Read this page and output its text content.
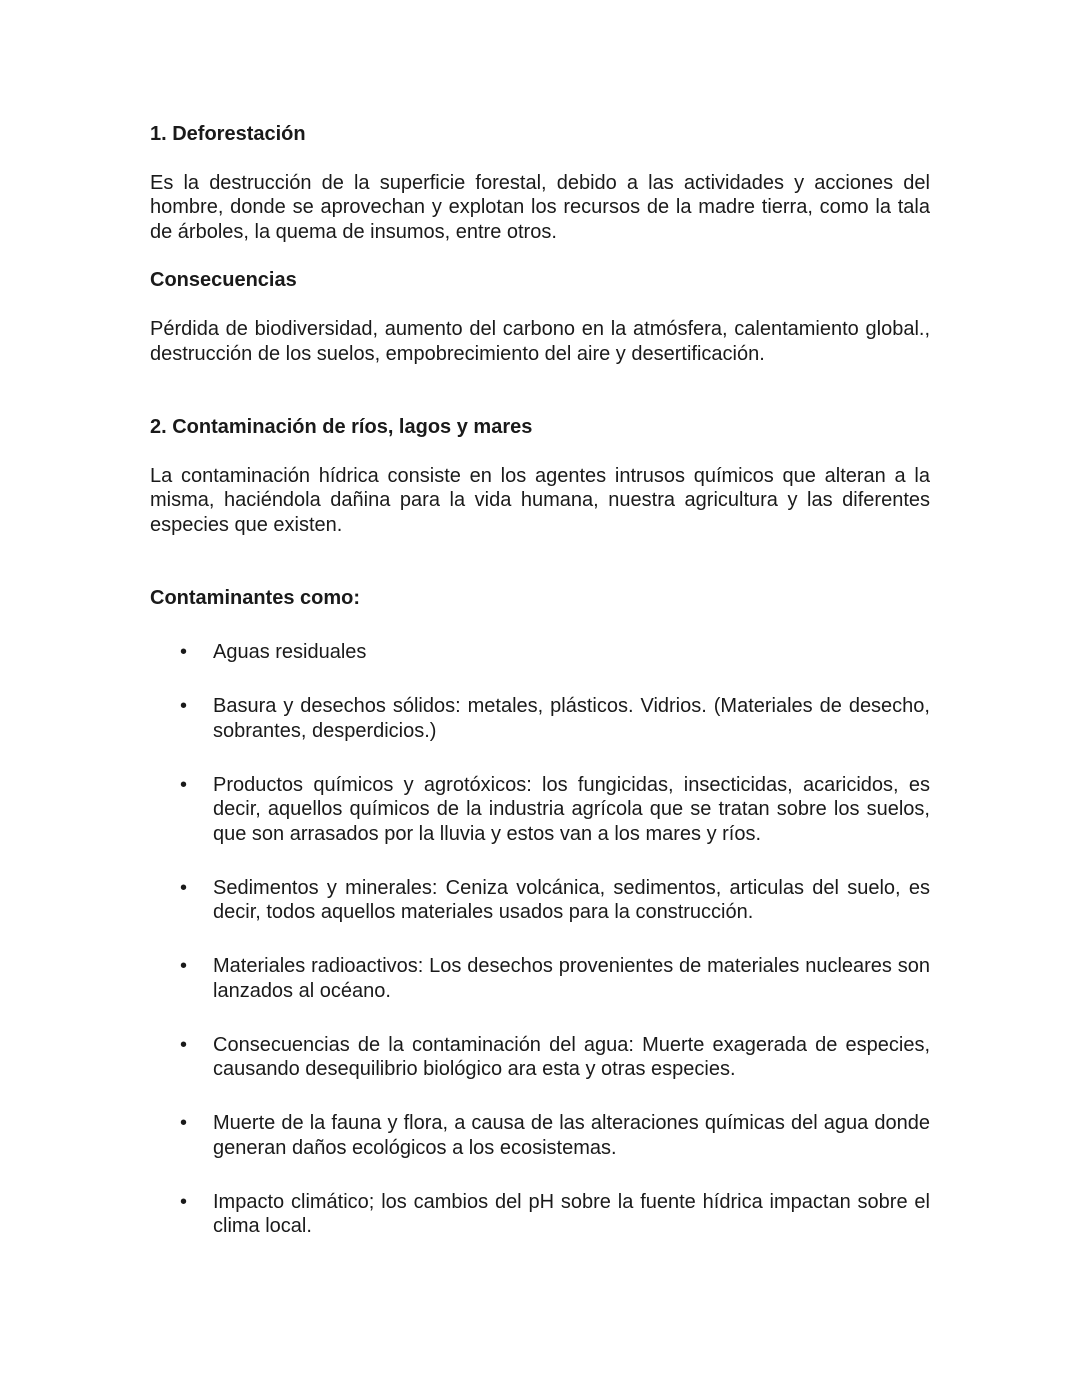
1. Deforestación

Es la destrucción de la superficie forestal, debido a las actividades y acciones del hombre, donde se aprovechan y explotan los recursos de la madre tierra, como la tala de árboles, la quema de insumos, entre otros.

Consecuencias

Pérdida de biodiversidad, aumento del carbono en la atmósfera, calentamiento global., destrucción de los suelos, empobrecimiento del aire y desertificación.

2. Contaminación de ríos, lagos y mares

La contaminación hídrica consiste en los agentes intrusos químicos que alteran a la misma, haciéndola dañina para la vida humana, nuestra agricultura y las diferentes especies que existen.

Contaminantes como:
• Aguas residuales
• Basura y desechos sólidos: metales, plásticos. Vidrios. (Materiales de desecho, sobrantes, desperdicios.)
• Productos químicos y agrotóxicos: los fungicidas, insecticidas, acaricidos, es decir, aquellos químicos de la industria agrícola que se tratan sobre los suelos, que son arrasados por la lluvia y estos van a los mares y ríos.
• Sedimentos y minerales: Ceniza volcánica, sedimentos, articulas del suelo, es decir, todos aquellos materiales usados para la construcción.
• Materiales radioactivos: Los desechos provenientes de materiales nucleares son lanzados al océano.
• Consecuencias de la contaminación del agua: Muerte exagerada de especies, causando desequilibrio biológico ara esta y otras especies.
• Muerte de la fauna y flora, a causa de las alteraciones químicas del agua donde generan daños ecológicos a los ecosistemas.
• Impacto climático; los cambios del pH sobre la fuente hídrica impactan sobre el clima local.
